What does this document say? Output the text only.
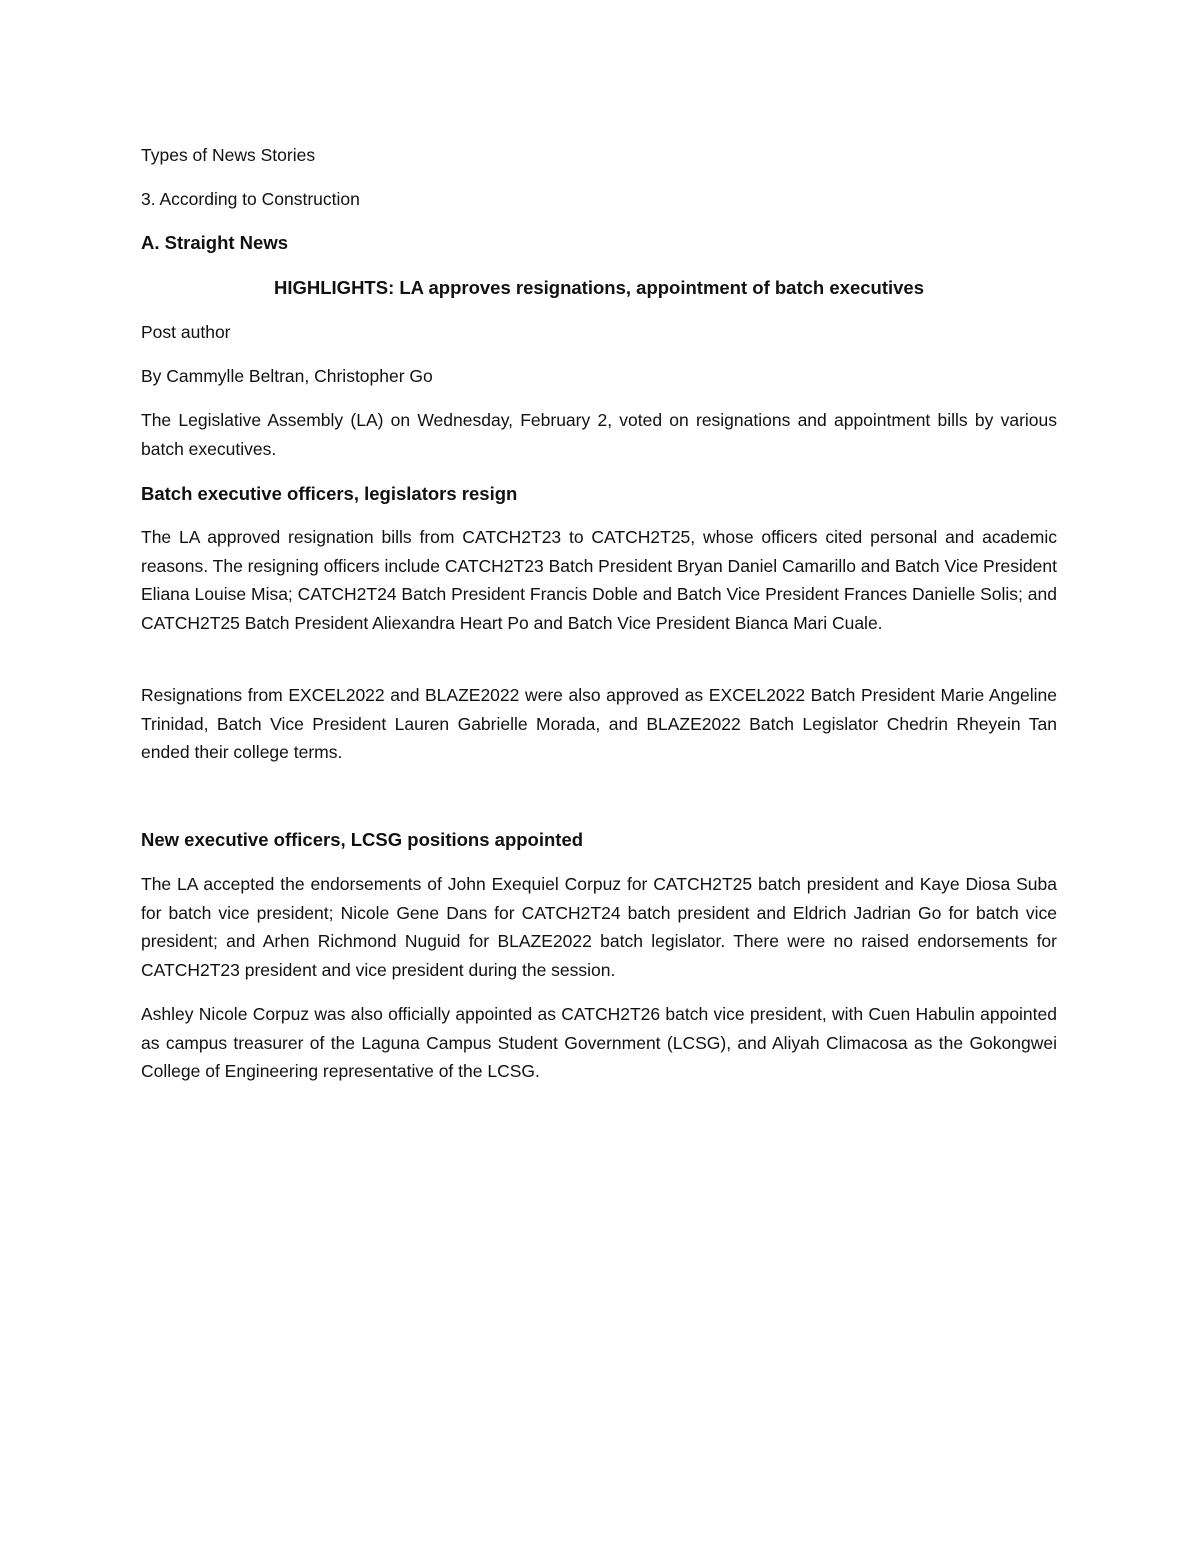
Types of News Stories

3. According to Construction

A. Straight News

HIGHLIGHTS: LA approves resignations, appointment of batch executives

Post author

By Cammylle Beltran, Christopher Go

The Legislative Assembly (LA) on Wednesday, February 2, voted on resignations and appointment bills by various batch executives.

Batch executive officers, legislators resign

The LA approved resignation bills from CATCH2T23 to CATCH2T25, whose officers cited personal and academic reasons. The resigning officers include CATCH2T23 Batch President Bryan Daniel Camarillo and Batch Vice President Eliana Louise Misa; CATCH2T24 Batch President Francis Doble and Batch Vice President Frances Danielle Solis; and CATCH2T25 Batch President Aliexandra Heart Po and Batch Vice President Bianca Mari Cuale.

Resignations from EXCEL2022 and BLAZE2022 were also approved as EXCEL2022 Batch President Marie Angeline Trinidad, Batch Vice President Lauren Gabrielle Morada, and BLAZE2022 Batch Legislator Chedrin Rheyein Tan ended their college terms.

New executive officers, LCSG positions appointed

The LA accepted the endorsements of John Exequiel Corpuz for CATCH2T25 batch president and Kaye Diosa Suba for batch vice president; Nicole Gene Dans for CATCH2T24 batch president and Eldrich Jadrian Go for batch vice president; and Arhen Richmond Nuguid for BLAZE2022 batch legislator. There were no raised endorsements for CATCH2T23 president and vice president during the session.

Ashley Nicole Corpuz was also officially appointed as CATCH2T26 batch vice president, with Cuen Habulin appointed as campus treasurer of the Laguna Campus Student Government (LCSG), and Aliyah Climacosa as the Gokongwei College of Engineering representative of the LCSG.
